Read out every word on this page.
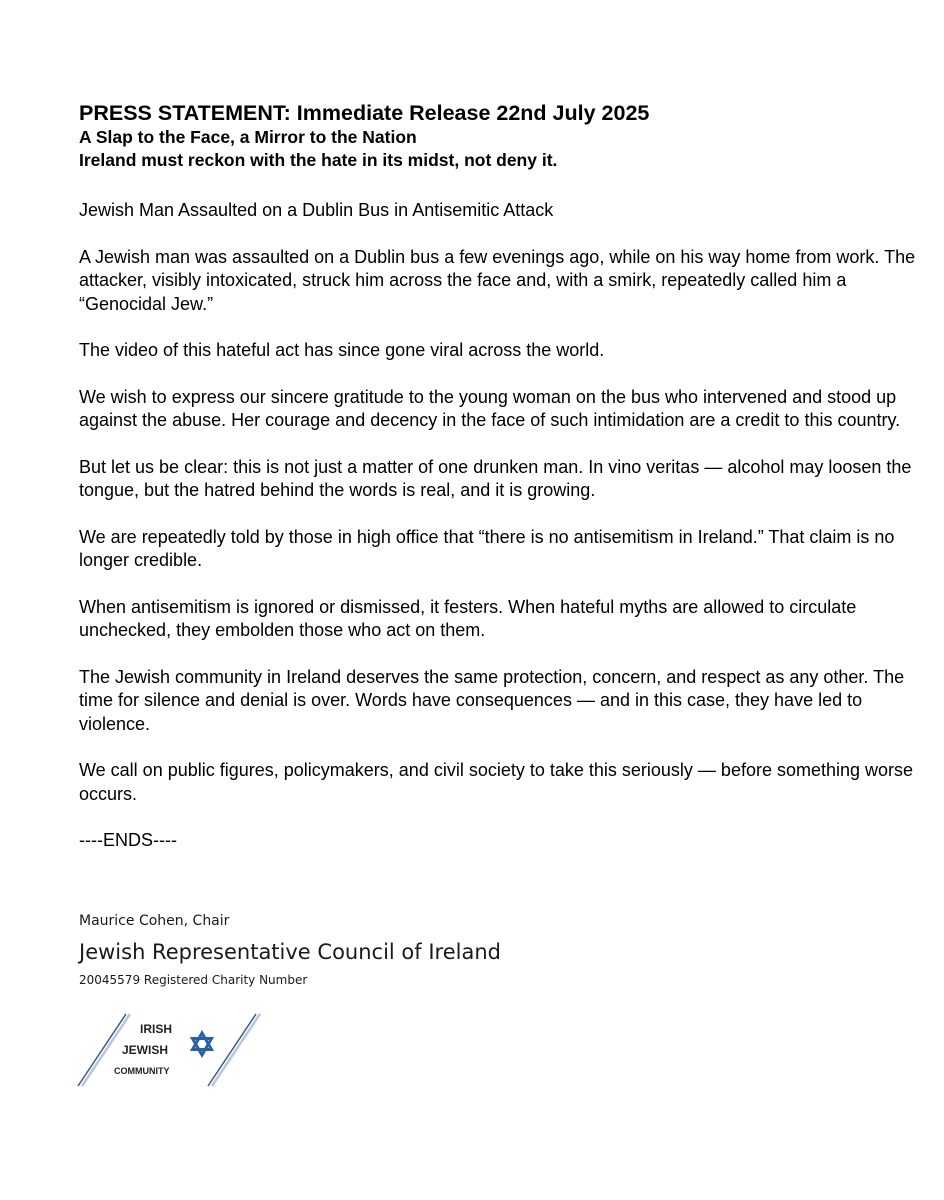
PRESS STATEMENT: Immediate Release 22nd July 2025

A Slap to the Face, a Mirror to the Nation

Ireland must reckon with the hate in its midst, not deny it.

Jewish Man Assaulted on a Dublin Bus in Antisemitic Attack

A Jewish man was assaulted on a Dublin bus a few evenings ago, while on his way home from work. The attacker, visibly intoxicated, struck him across the face and, with a smirk, repeatedly called him a “Genocidal Jew.”

The video of this hateful act has since gone viral across the world.

We wish to express our sincere gratitude to the young woman on the bus who intervened and stood up against the abuse. Her courage and decency in the face of such intimidation are a credit to this country.

But let us be clear: this is not just a matter of one drunken man. In vino veritas — alcohol may loosen the tongue, but the hatred behind the words is real, and it is growing.

We are repeatedly told by those in high office that “there is no antisemitism in Ireland.” That claim is no longer credible.

When antisemitism is ignored or dismissed, it festers. When hateful myths are allowed to circulate unchecked, they embolden those who act on them.

The Jewish community in Ireland deserves the same protection, concern, and respect as any other. The time for silence and denial is over. Words have consequences — and in this case, they have led to violence.

We call on public figures, policymakers, and civil society to take this seriously — before something worse occurs.

----ENDS----

Maurice Cohen, Chair
Jewish Representative Council of Ireland
20045579 Registered Charity Number
IRISH
JEWISH
COMMUNITY
